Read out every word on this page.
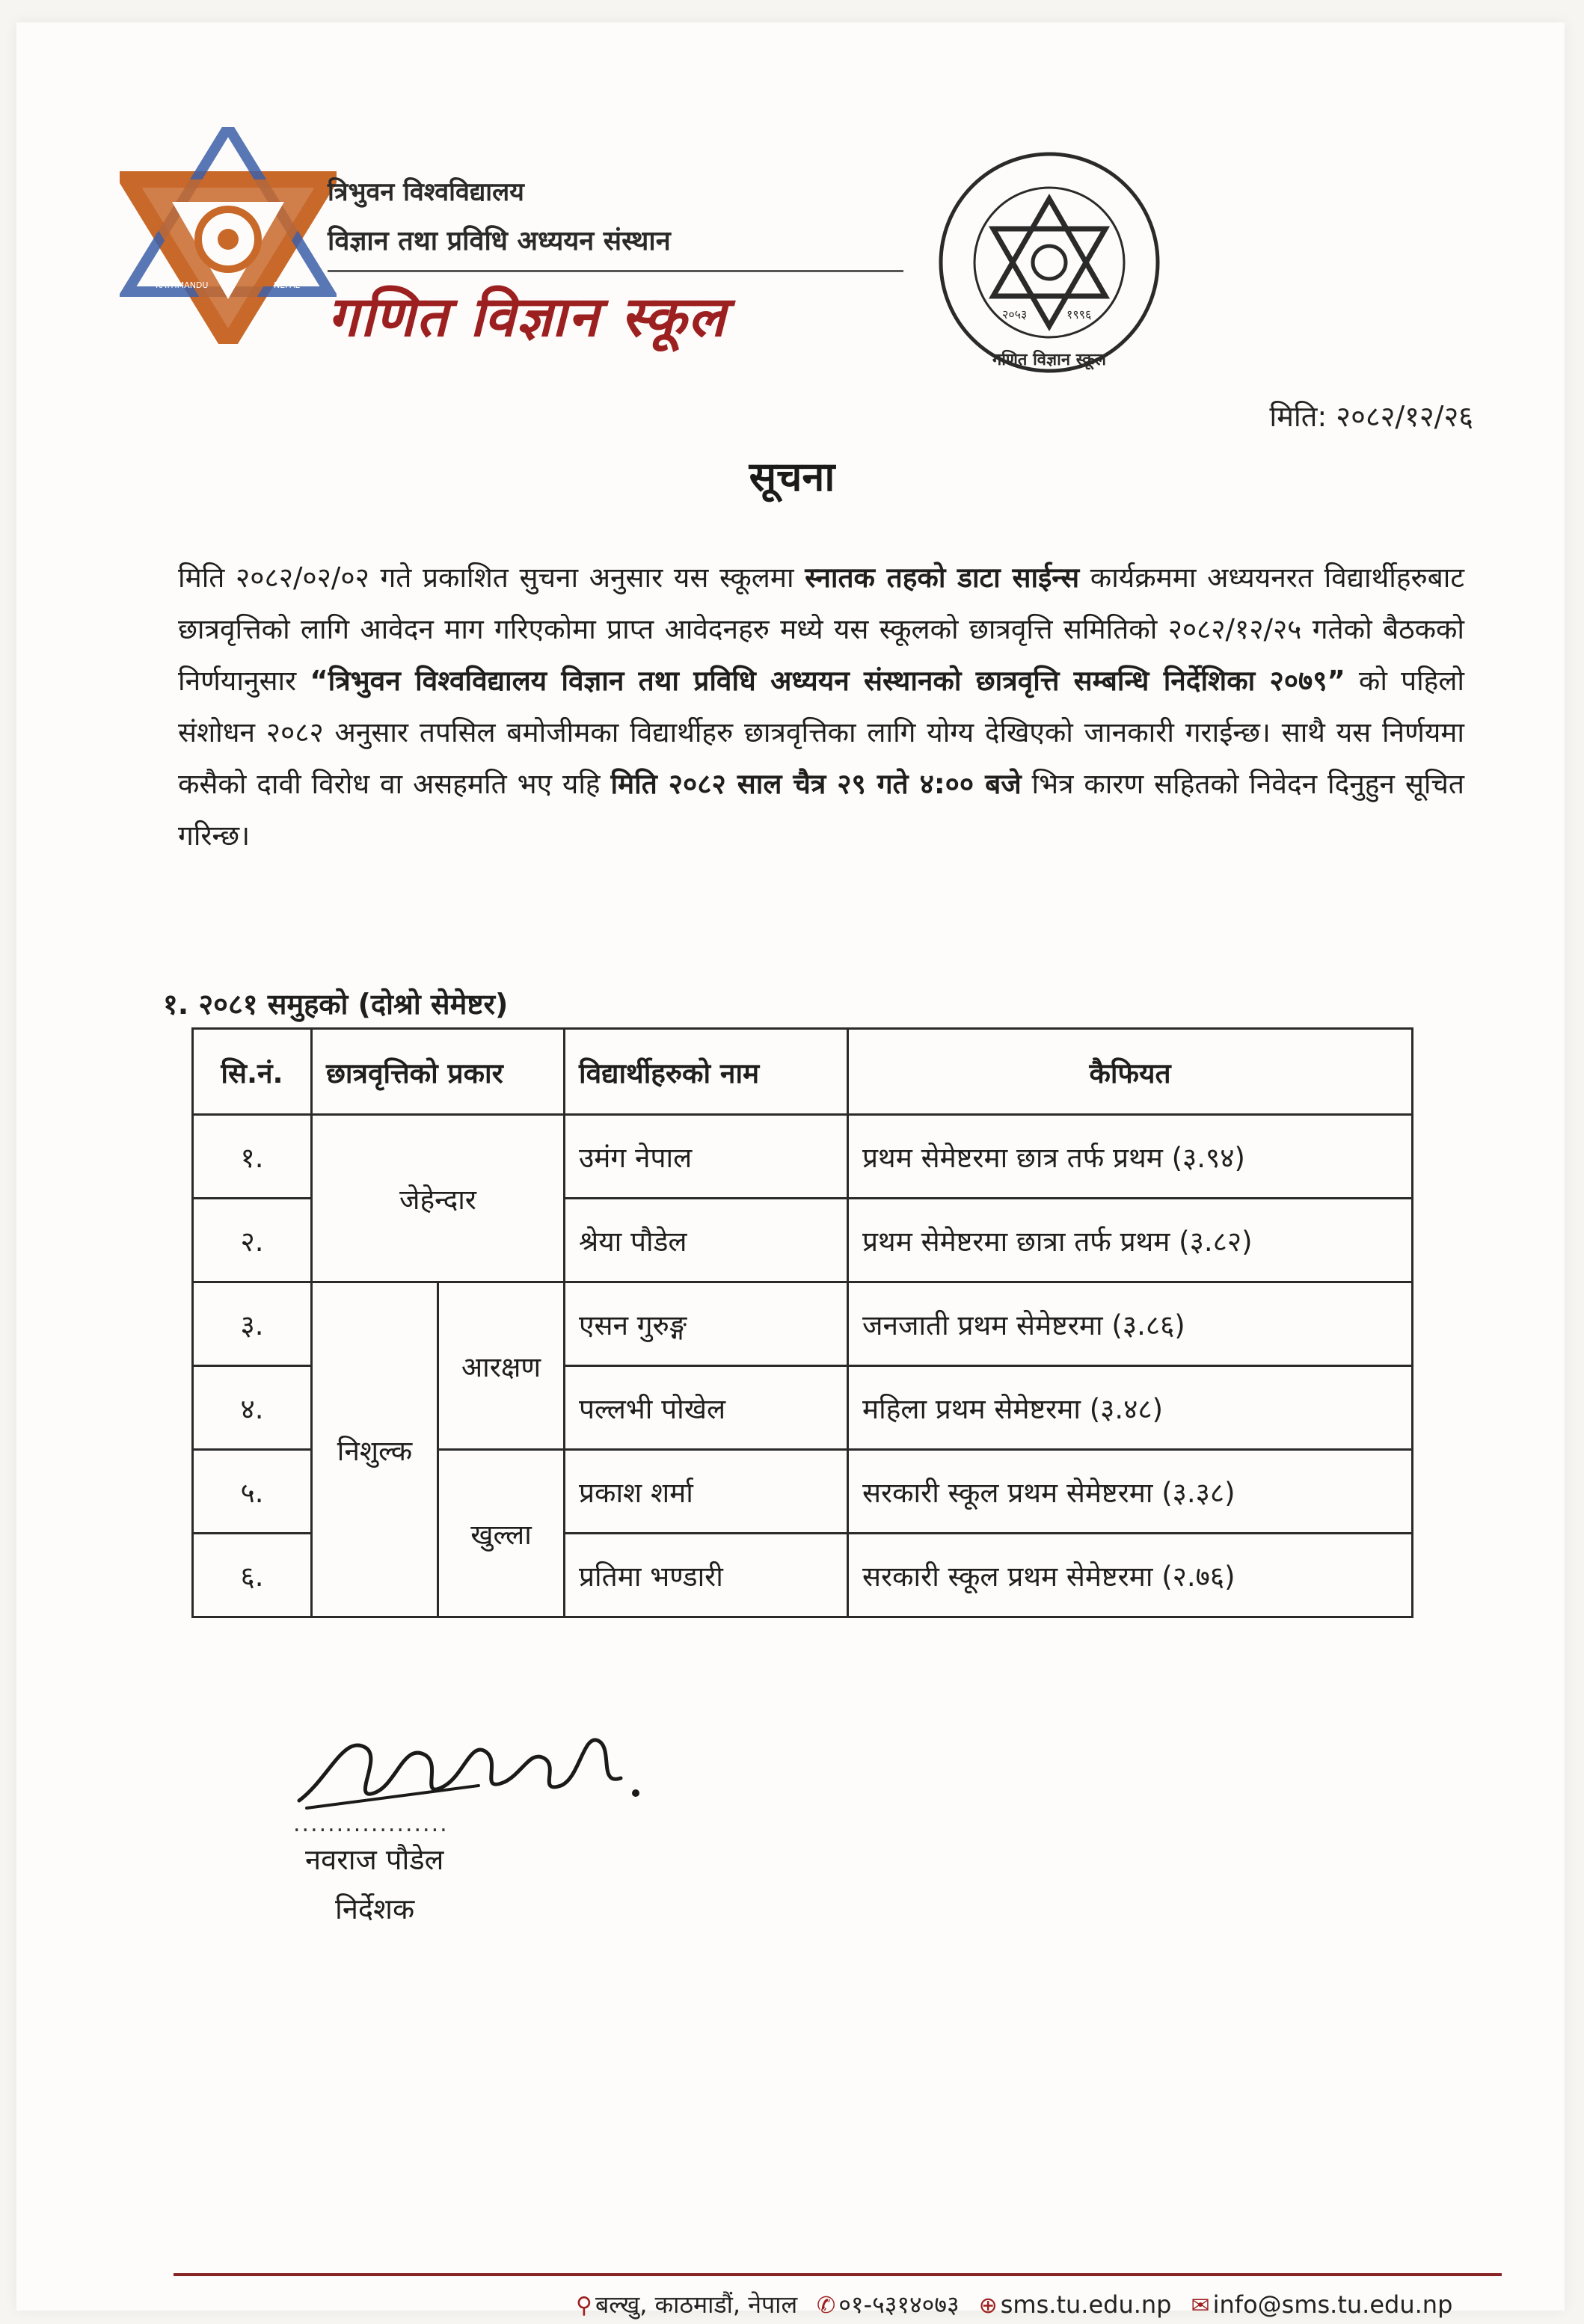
KATHMANDU	NEPAL
त्रिभुवन विश्वविद्यालय
विज्ञान तथा प्रविधि अध्ययन संस्थान
गणित विज्ञान स्कूल	२०५३	१९९६
गणित विज्ञान स्कूल
मिति: २०८२/१२/२६
सूचना
मिति २०८२/०२/०२ गते प्रकाशित सुचना अनुसार यस स्कूलमा स्नातक तहको डाटा साईन्स कार्यक्रममा अध्ययनरत विद्यार्थीहरुबाट छात्रवृत्तिको लागि आवेदन माग गरिएकोमा प्राप्त आवेदनहरु मध्ये यस स्कूलको छात्रवृत्ति समितिको २०८२/१२/२५ गतेको बैठकको निर्णयानुसार “त्रिभुवन विश्वविद्यालय विज्ञान तथा प्रविधि अध्ययन संस्थानको छात्रवृत्ति सम्बन्धि निर्देशिका २०७९” को पहिलो संशोधन २०८२ अनुसार तपसिल बमोजीमका विद्यार्थीहरु छात्रवृत्तिका लागि योग्य देखिएको जानकारी गराईन्छ। साथै यस निर्णयमा कसैको दावी विरोध वा असहमति भए यहि मिति २०८२ साल चैत्र २९ गते ४:०० बजे भित्र कारण सहितको निवेदन दिनुहुन सूचित गरिन्छ।
१. २०८१ समुहको (दोश्रो सेमेष्टर)
सि.नं.	छात्रवृत्तिको प्रकार		विद्यार्थीहरुको नाम	कैफियत
१.	जेहेन्दार		उमंग नेपाल	प्रथम सेमेष्टरमा छात्र तर्फ प्रथम (३.९४)
२.			श्रेया पौडेल	प्रथम सेमेष्टरमा छात्रा तर्फ प्रथम (३.८२)
३.	निशुल्क	आरक्षण	एसन गुरुङ्ग	जनजाती प्रथम सेमेष्टरमा (३.८६)
४.			पल्लभी पोखेल	महिला प्रथम सेमेष्टरमा (३.४८)
५.		खुल्ला	प्रकाश शर्मा	सरकारी स्कूल प्रथम सेमेष्टरमा (३.३८)
६.			प्रतिमा भण्डारी	सरकारी स्कूल प्रथम सेमेष्टरमा (२.७६)
..................
नवराज पौडेल
निर्देशक
⚲ बल्खु, काठमाडौं, नेपाल ✆ ०१-५३१४०७३ ⊕ sms.tu.edu.np ✉ info@sms.tu.edu.np
